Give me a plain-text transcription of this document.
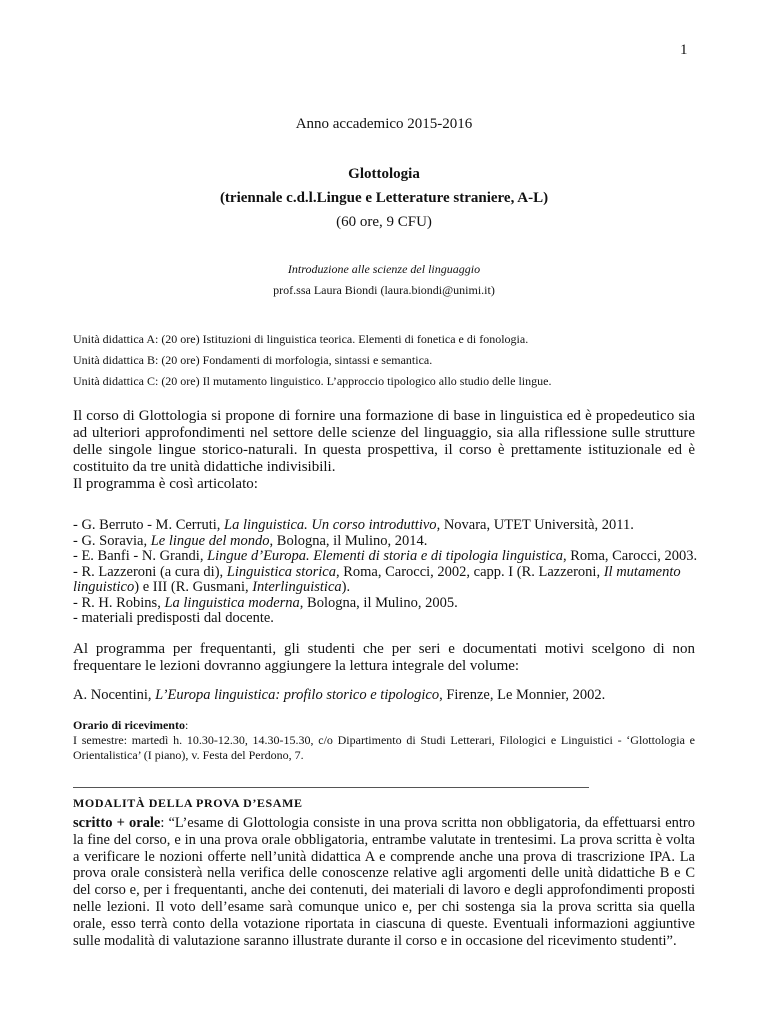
1
Anno accademico 2015-2016
Glottologia
(triennale c.d.l.Lingue e Letterature straniere, A-L)
(60 ore, 9 CFU)
Introduzione alle scienze del linguaggio
prof.ssa Laura Biondi (laura.biondi@unimi.it)
Unità didattica A: (20 ore) Istituzioni di linguistica teorica. Elementi di fonetica e di fonologia.
Unità didattica B: (20 ore) Fondamenti di morfologia, sintassi e semantica.
Unità didattica C: (20 ore) Il mutamento linguistico. L’approccio tipologico allo studio delle lingue.
Il corso di Glottologia si propone di fornire una formazione di base in linguistica ed è propedeutico sia ad ulteriori approfondimenti nel settore delle scienze del linguaggio, sia alla riflessione sulle strutture delle singole lingue storico-naturali. In questa prospettiva, il corso è prettamente istituzionale ed è costituito da tre unità didattiche indivisibili.
Il programma è così articolato:
- G. Berruto - M. Cerruti, La linguistica. Un corso introduttivo, Novara, UTET Università, 2011.
- G. Soravia, Le lingue del mondo, Bologna, il Mulino, 2014.
- E. Banfi - N. Grandi, Lingue d’Europa. Elementi di storia e di tipologia linguistica, Roma, Carocci, 2003.
- R. Lazzeroni (a cura di), Linguistica storica, Roma, Carocci, 2002, capp. I (R. Lazzeroni, Il mutamento
linguistico) e III (R. Gusmani, Interlinguistica).
- R. H. Robins, La linguistica moderna, Bologna, il Mulino, 2005.
- materiali predisposti dal docente.
Al programma per frequentanti, gli studenti che per seri e documentati motivi scelgono di non frequentare le lezioni dovranno aggiungere la lettura integrale del volume:
A. Nocentini, L’Europa linguistica: profilo storico e tipologico, Firenze, Le Monnier, 2002.
Orario di ricevimento:
I semestre: martedì h. 10.30-12.30, 14.30-15.30, c/o Dipartimento di Studi Letterari, Filologici e Linguistici - ‘Glottologia e Orientalistica’ (I piano), v. Festa del Perdono, 7.
MODALITÀ DELLA PROVA D’ESAME
scritto + orale: “L’esame di Glottologia consiste in una prova scritta non obbligatoria, da effettuarsi entro la fine del corso, e in una prova orale obbligatoria, entrambe valutate in trentesimi. La prova scritta è volta a verificare le nozioni offerte nell’unità didattica A e comprende anche una prova di trascrizione IPA. La prova orale consisterà nella verifica delle conoscenze relative agli argomenti delle unità didattiche B e C del corso e, per i frequentanti, anche dei contenuti, dei materiali di lavoro e degli approfondimenti proposti nelle lezioni. Il voto dell’esame sarà comunque unico e, per chi sostenga sia la prova scritta sia quella orale, esso terrà conto della votazione riportata in ciascuna di queste. Eventuali informazioni aggiuntive sulle modalità di valutazione saranno illustrate durante il corso e in occasione del ricevimento studenti”.
